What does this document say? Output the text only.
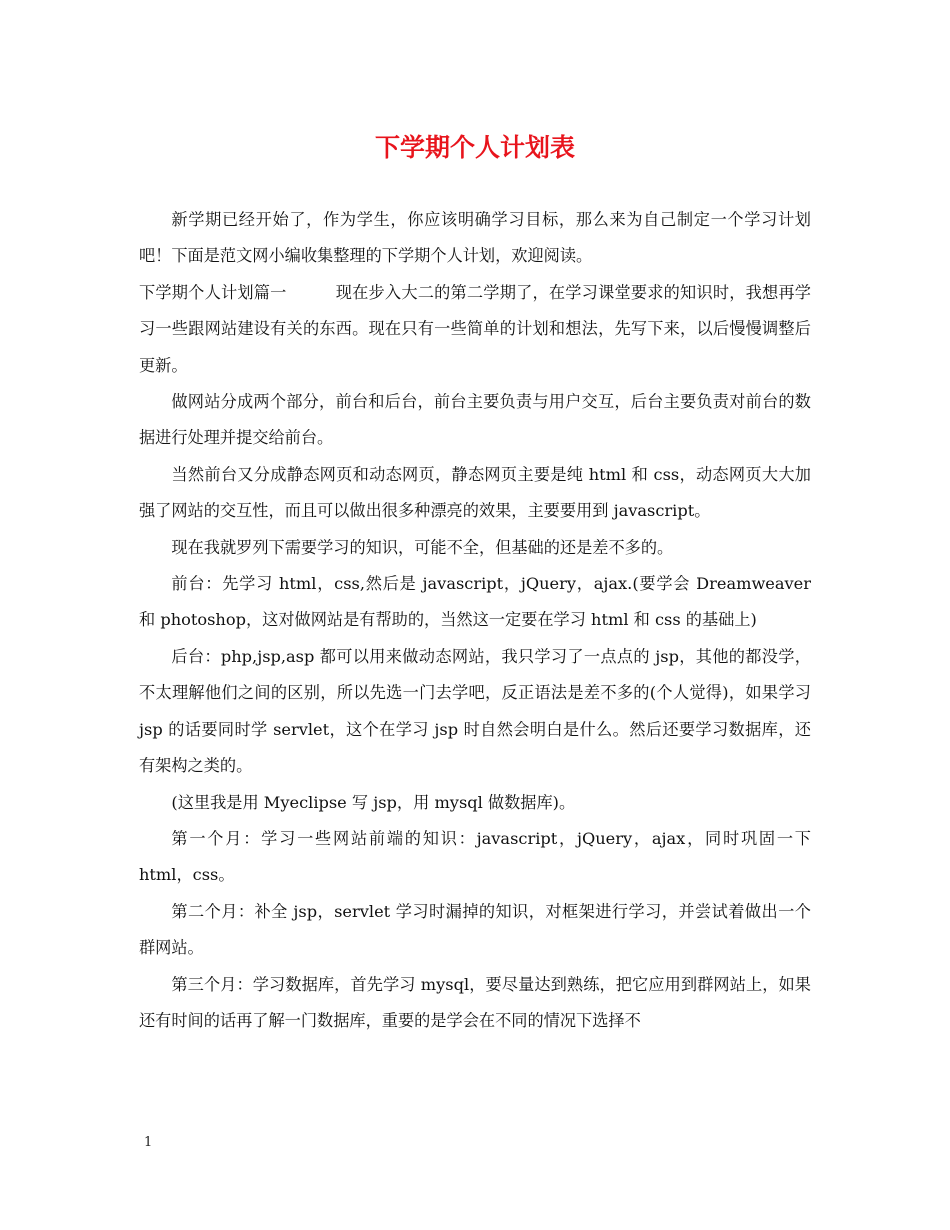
下学期个人计划表

新学期已经开始了，作为学生，你应该明确学习目标，那么来为自己制定一个学习计划吧！下面是范文网小编收集整理的下学期个人计划，欢迎阅读。

下学期个人计划篇一　　　现在步入大二的第二学期了，在学习课堂要求的知识时，我想再学习一些跟网站建设有关的东西。现在只有一些简单的计划和想法，先写下来，以后慢慢调整后更新。

做网站分成两个部分，前台和后台，前台主要负责与用户交互，后台主要负责对前台的数据进行处理并提交给前台。

当然前台又分成静态网页和动态网页，静态网页主要是纯 html 和 css，动态网页大大加强了网站的交互性，而且可以做出很多种漂亮的效果，主要要用到 javascript。

现在我就罗列下需要学习的知识，可能不全，但基础的还是差不多的。

前台：先学习 html，css,然后是 javascript，jQuery，ajax.(要学会 Dreamweaver 和 photoshop，这对做网站是有帮助的，当然这一定要在学习 html 和 css 的基础上)

后台：php,jsp,asp 都可以用来做动态网站，我只学习了一点点的 jsp，其他的都没学，不太理解他们之间的区别，所以先选一门去学吧，反正语法是差不多的(个人觉得)，如果学习 jsp 的话要同时学 servlet，这个在学习 jsp 时自然会明白是什么。然后还要学习数据库，还有架构之类的。

(这里我是用 Myeclipse 写 jsp，用 mysql 做数据库)。

第一个月：学习一些网站前端的知识：javascript，jQuery，ajax，同时巩固一下 html，css。

第二个月：补全 jsp，servlet 学习时漏掉的知识，对框架进行学习，并尝试着做出一个群网站。

第三个月：学习数据库，首先学习 mysql，要尽量达到熟练，把它应用到群网站上，如果还有时间的话再了解一门数据库，重要的是学会在不同的情况下选择不

1
